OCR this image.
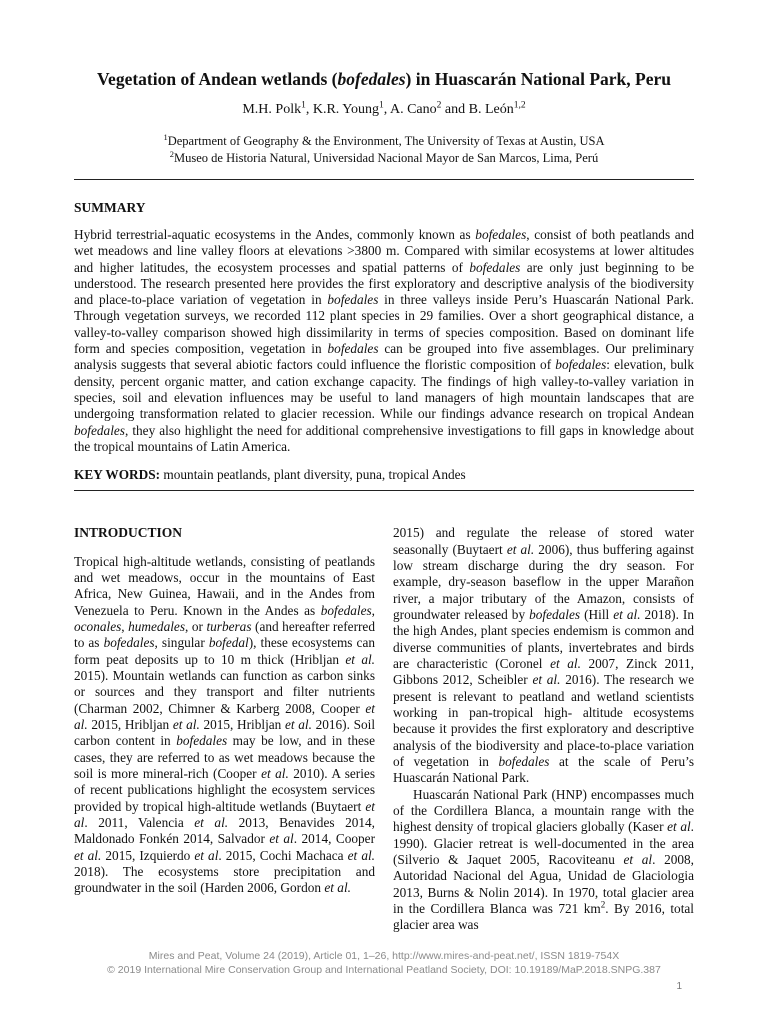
Vegetation of Andean wetlands (bofedales) in Huascarán National Park, Peru
M.H. Polk$^1$, K.R. Young$^1$, A. Cano$^2$ and B. León$^{1,2}$
$^1$Department of Geography & the Environment, The University of Texas at Austin, USA
$^2$Museo de Historia Natural, Universidad Nacional Mayor de San Marcos, Lima, Perú
SUMMARY
Hybrid terrestrial-aquatic ecosystems in the Andes, commonly known as bofedales, consist of both peatlands and wet meadows and line valley floors at elevations >3800 m. Compared with similar ecosystems at lower altitudes and higher latitudes, the ecosystem processes and spatial patterns of bofedales are only just beginning to be understood. The research presented here provides the first exploratory and descriptive analysis of the biodiversity and place-to-place variation of vegetation in bofedales in three valleys inside Peru’s Huascarán National Park. Through vegetation surveys, we recorded 112 plant species in 29 families. Over a short geographical distance, a valley-to-valley comparison showed high dissimilarity in terms of species composition. Based on dominant life form and species composition, vegetation in bofedales can be grouped into five assemblages. Our preliminary analysis suggests that several abiotic factors could influence the floristic composition of bofedales: elevation, bulk density, percent organic matter, and cation exchange capacity. The findings of high valley-to-valley variation in species, soil and elevation influences may be useful to land managers of high mountain landscapes that are undergoing transformation related to glacier recession. While our findings advance research on tropical Andean bofedales, they also highlight the need for additional comprehensive investigations to fill gaps in knowledge about the tropical mountains of Latin America.
KEY WORDS: mountain peatlands, plant diversity, puna, tropical Andes
INTRODUCTION

Tropical high-altitude wetlands, consisting of peatlands and wet meadows, occur in the mountains of East Africa, New Guinea, Hawaii, and in the Andes from Venezuela to Peru. Known in the Andes as bofedales, oconales, humedales, or turberas (and hereafter referred to as bofedales, singular bofedal), these ecosystems can form peat deposits up to 10 m thick (Hribljan et al. 2015). Mountain wetlands can function as carbon sinks or sources and they transport and filter nutrients (Charman 2002, Chimner & Karberg 2008, Cooper et al. 2015, Hribljan et al. 2015, Hribljan et al. 2016). Soil carbon content in bofedales may be low, and in these cases, they are referred to as wet meadows because the soil is more mineral-rich (Cooper et al. 2010). A series of recent publications highlight the ecosystem services provided by tropical high-altitude wetlands (Buytaert et al. 2011, Valencia et al. 2013, Benavides 2014, Maldonado Fonkén 2014, Salvador et al. 2014, Cooper et al. 2015, Izquierdo et al. 2015, Cochi Machaca et al. 2018). The ecosystems store precipitation and groundwater in the soil (Harden 2006, Gordon et al.

2015) and regulate the release of stored water seasonally (Buytaert et al. 2006), thus buffering against low stream discharge during the dry season. For example, dry-season baseflow in the upper Marañon river, a major tributary of the Amazon, consists of groundwater released by bofedales (Hill et al. 2018). In the high Andes, plant species endemism is common and diverse communities of plants, invertebrates and birds are characteristic (Coronel et al. 2007, Zinck 2011, Gibbons 2012, Scheibler et al. 2016). The research we present is relevant to peatland and wetland scientists working in pan-tropical high- altitude ecosystems because it provides the first exploratory and descriptive analysis of the biodiversity and place-to-place variation of vegetation in bofedales at the scale of Peru’s Huascarán National Park.

Huascarán National Park (HNP) encompasses much of the Cordillera Blanca, a mountain range with the highest density of tropical glaciers globally (Kaser et al. 1990). Glacier retreat is well-documented in the area (Silverio & Jaquet 2005, Racoviteanu et al. 2008, Autoridad Nacional del Agua, Unidad de Glaciologia 2013, Burns & Nolin 2014). In 1970, total glacier area in the Cordillera Blanca was 721 $km^2$. By 2016, total glacier area was

Mires and Peat, Volume 24 (2019), Article 01, 1–26, http://www.mires-and-peat.net/, ISSN 1819-754X
© 2019 International Mire Conservation Group and International Peatland Society, DOI: 10.19189/MaP.2018.SNPG.387
1
